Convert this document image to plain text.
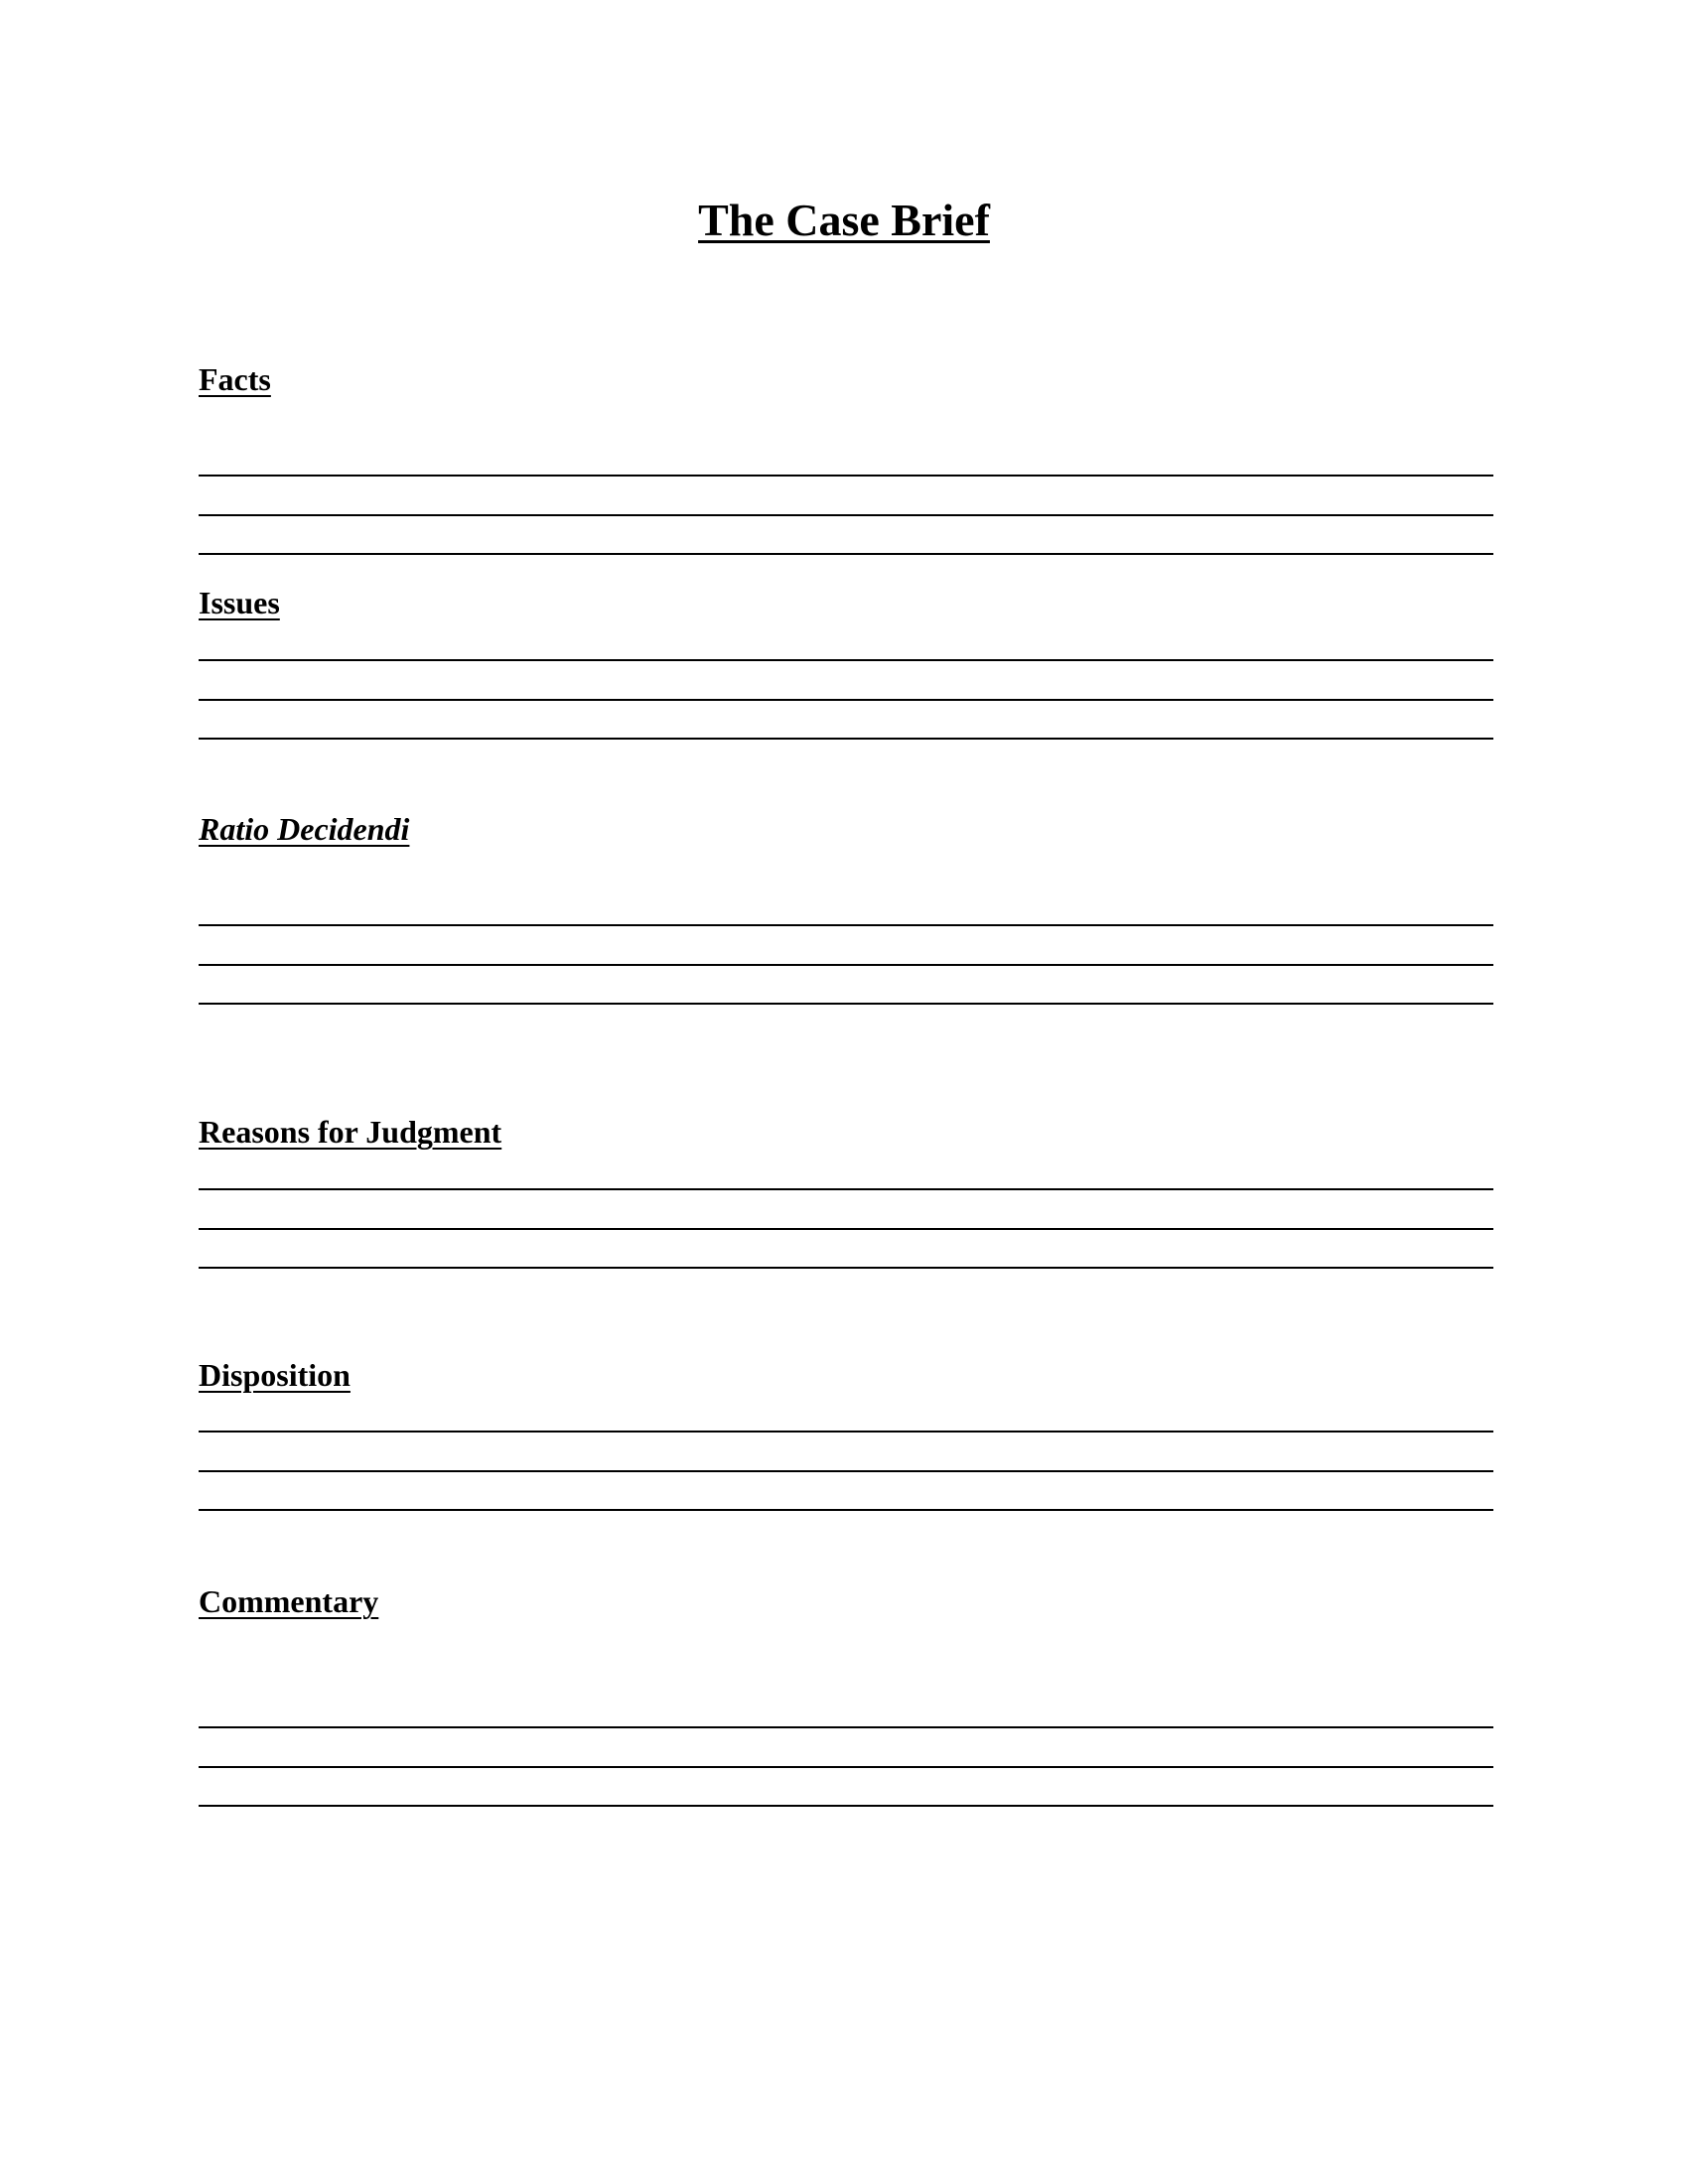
The Case Brief
Facts
Issues
Ratio Decidendi
Reasons for Judgment
Disposition
Commentary
